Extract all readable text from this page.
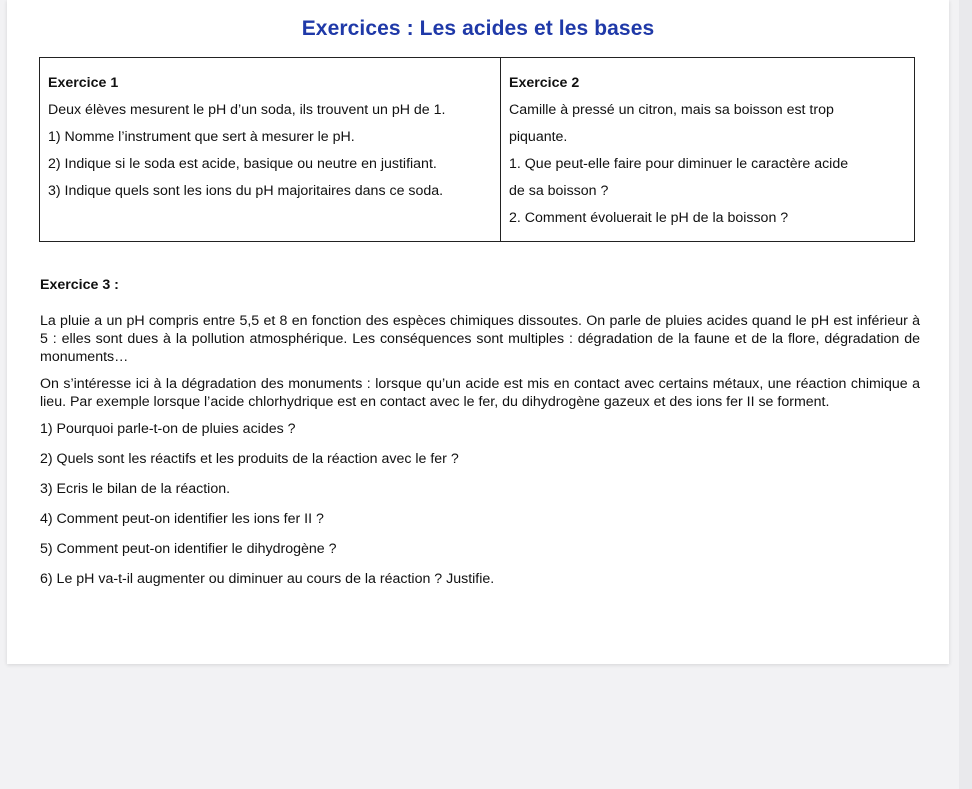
Exercices : Les acides et les bases

Exercice 1

Deux élèves mesurent le pH d’un soda, ils trouvent un pH de 1.

1) Nomme l’instrument que sert à mesurer le pH.

2) Indique si le soda est acide, basique ou neutre en justifiant.

3) Indique quels sont les ions du pH majoritaires dans ce soda.

Exercice 2

Camille à pressé un citron, mais sa boisson est trop

piquante.

1. Que peut-elle faire pour diminuer le caractère acide

de sa boisson ?

2. Comment évoluerait le pH de la boisson ?

Exercice 3 :

La pluie a un pH compris entre 5,5 et 8 en fonction des espèces chimiques dissoutes. On parle de pluies acides quand le pH est inférieur à 5 : elles sont dues à la pollution atmosphérique. Les conséquences sont multiples : dégradation de la faune et de la flore, dégradation de monuments…

On s’intéresse ici à la dégradation des monuments : lorsque qu’un acide est mis en contact avec certains métaux, une réaction chimique a lieu. Par exemple lorsque l’acide chlorhydrique est en contact avec le fer, du dihydrogène gazeux et des ions fer II se forment.

1) Pourquoi parle-t-on de pluies acides ?

2) Quels sont les réactifs et les produits de la réaction avec le fer ?

3) Ecris le bilan de la réaction.

4) Comment peut-on identifier les ions fer II ?

5) Comment peut-on identifier le dihydrogène ?

6) Le pH va-t-il augmenter ou diminuer au cours de la réaction ? Justifie.
